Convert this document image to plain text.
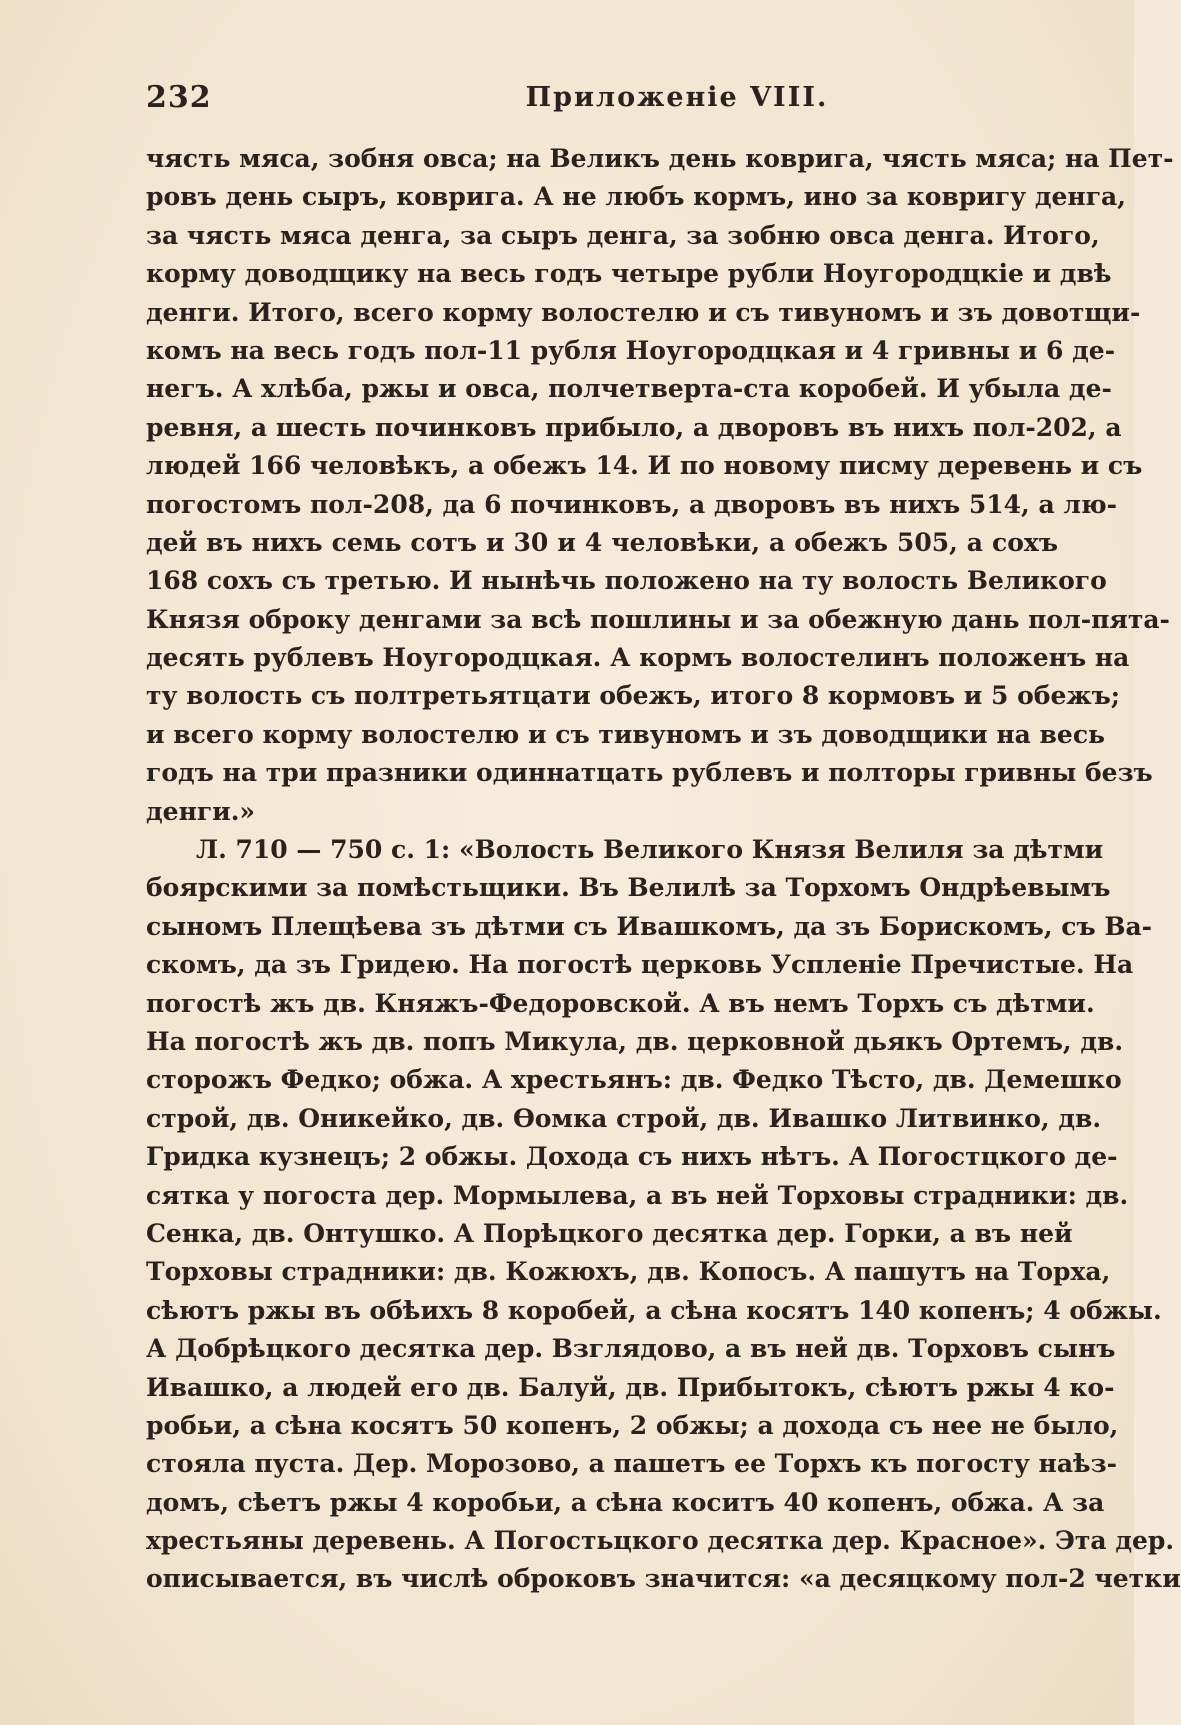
232	Приложеніе VIII.
чясть мяса, зобня овса; на Великъ день коврига, чясть мяса; на Пет-
ровъ день сыръ, коврига. А не любъ кормъ, ино за ковригу денга,
за чясть мяса денга, за сыръ денга, за зобню овса денга. Итого,
корму доводщику на весь годъ четыре рубли Ноугородцкіе и двѣ
денги. Итого, всего корму волостелю и съ тивуномъ и зъ довотщи-
комъ на весь годъ пол-11 рубля Ноугородцкая и 4 гривны и 6 де-
негъ. А хлѣба, ржы и овса, полчетверта-ста коробей. И убыла де-
ревня, а шесть починковъ прибыло, а дворовъ въ нихъ пол-202, а
людей 166 человѣкъ, а обежъ 14. И по новому писму деревень и съ
погостомъ пол-208, да 6 починковъ, а дворовъ въ нихъ 514, а лю-
дей въ нихъ семь сотъ и 30 и 4 человѣки, а обежъ 505, а сохъ
168 сохъ съ третью. И нынѣчь положено на ту волость Великого
Князя оброку денгами за всѣ пошлины и за обежную дань пол-пята-
десять рублевъ Ноугородцкая. А кормъ волостелинъ положенъ на
ту волость съ полтретьятцати обежъ, итого 8 кормовъ и 5 обежъ;
и всего корму волостелю и съ тивуномъ и зъ доводщики на весь
годъ на три празники одиннатцать рублевъ и полторы гривны безъ
денги.»
Л. 710 — 750 с. 1: «Волость Великого Князя Велиля за дѣтми
боярскими за помѣстьщики. Въ Велилѣ за Торхомъ Ондрѣевымъ
сыномъ Плещѣева зъ дѣтми съ Ивашкомъ, да зъ Борискомъ, съ Ва-
скомъ, да зъ Гридею. На погостѣ церковь Успленіе Пречистые. На
погостѣ жъ дв. Княжъ-Федоровской. А въ немъ Торхъ съ дѣтми.
На погостѣ жъ дв. попъ Микула, дв. церковной дьякъ Ортемъ, дв.
сторожъ Федко; обжа. А хрестьянъ: дв. Федко Тѣсто, дв. Демешко
строй, дв. Оникейко, дв. Ѳомка строй, дв. Ивашко Литвинко, дв.
Гридка кузнецъ; 2 обжы. Дохода съ нихъ нѣтъ. А Погостцкого де-
сятка у погоста дер. Мормылева, а въ ней Торховы страдники: дв.
Сенка, дв. Онтушко. А Порѣцкого десятка дер. Горки, а въ ней
Торховы страдники: дв. Кожюхъ, дв. Копосъ. А пашутъ на Торха,
сѣютъ ржы въ обѣихъ 8 коробей, а сѣна косятъ 140 копенъ; 4 обжы.
А Добрѣцкого десятка дер. Взглядово, а въ ней дв. Торховъ сынъ
Ивашко, а людей его дв. Балуй, дв. Прибытокъ, сѣютъ ржы 4 ко-
робьи, а сѣна косятъ 50 копенъ, 2 обжы; а дохода съ нее не было,
стояла пуста. Дер. Морозово, а пашетъ ее Торхъ къ погосту наѣз-
домъ, сѣетъ ржы 4 коробьи, а сѣна коситъ 40 копенъ, обжа. А за
хрестьяны деревень. А Погостьцкого десятка дер. Красное». Эта дер.
описывается, въ числѣ оброковъ значится: «а десяцкому пол-2 четки
